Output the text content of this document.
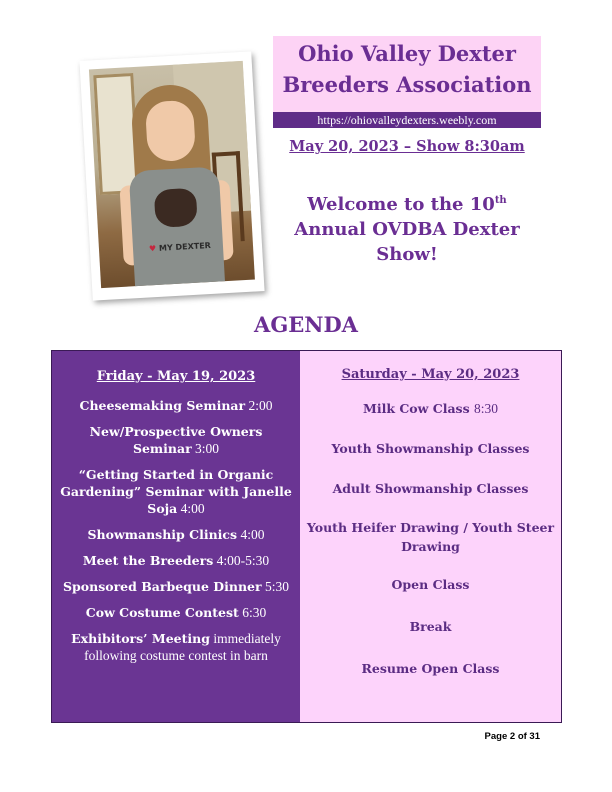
♥ MY DEXTER
Ohio Valley Dexter
Breeders Association
https://ohiovalleydexters.weebly.com
May 20, 2023 – Show 8:30am
Welcome to the 10th Annual OVDBA Dexter Show!
AGENDA
Friday - May 19, 2023
Cheesemaking Seminar 2:00
New/Prospective Owners Seminar 3:00
“Getting Started in Organic Gardening” Seminar with Janelle Soja 4:00
Showmanship Clinics 4:00
Meet the Breeders 4:00-5:30
Sponsored Barbeque Dinner 5:30
Cow Costume Contest 6:30
Exhibitors’ Meeting immediately following costume contest in barn
Saturday - May 20, 2023
Milk Cow Class 8:30
Youth Showmanship Classes
Adult Showmanship Classes
Youth Heifer Drawing / Youth Steer Drawing
Open Class
Break
Resume Open Class
Page 2 of 31
